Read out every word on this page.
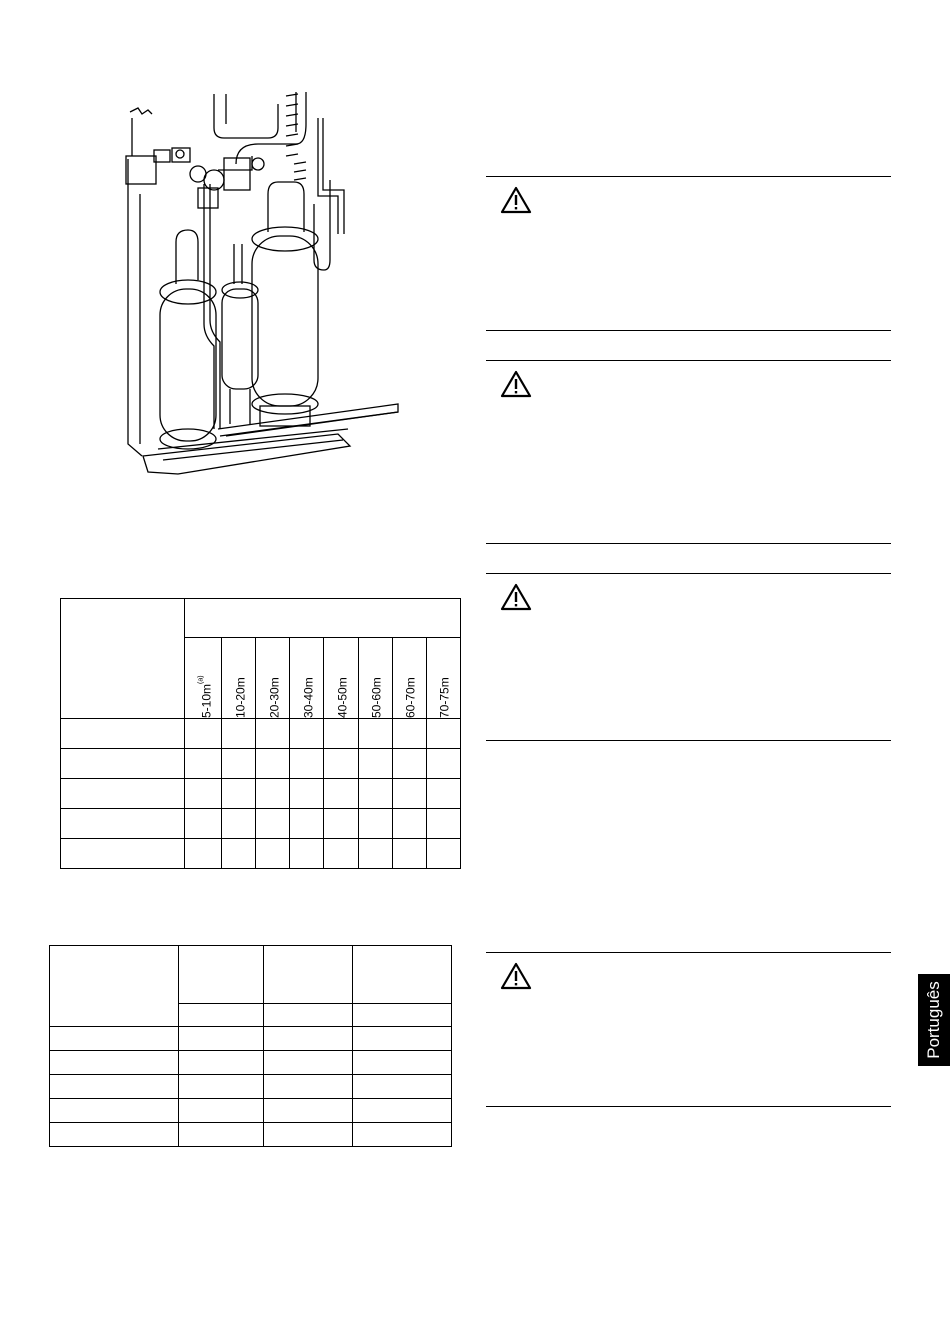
	$5-10m^{(a)}$	10-20m	20-30m	30-40m	40-50m	50-60m	60-70m	70-75m

Português
